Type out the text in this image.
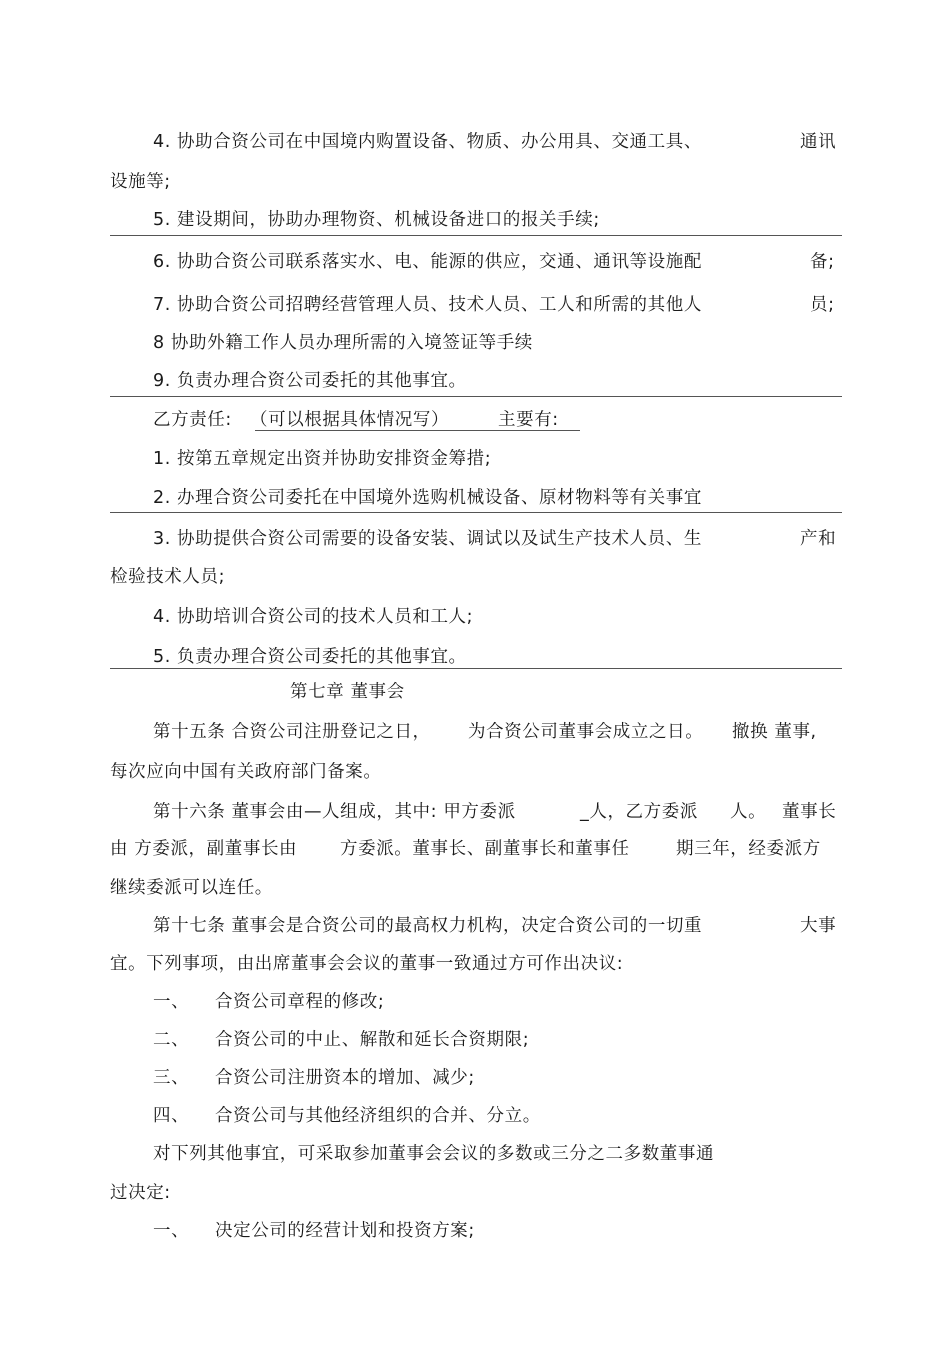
4. 协助合资公司在中国境内购置设备、物质、办公用具、交通工具、	通讯
设施等;
5. 建设期间，协助办理物资、机械设备进口的报关手续;
6. 协助合资公司联系落实水、电、能源的供应，交通、通讯等设施配	备;
7. 协助合资公司招聘经营管理人员、技术人员、工人和所需的其他人	员;
8 协助外籍工作人员办理所需的入境签证等手续
9. 负责办理合资公司委托的其他事宜。
乙方责任: （可以根据具体情况写）	主要有:
1. 按第五章规定出资并协助安排资金筹措;
2. 办理合资公司委托在中国境外选购机械设备、原材物料等有关事宜
3. 协助提供合资公司需要的设备安装、调试以及试生产技术人员、生	产和
检验技术人员;
4. 协助培训合资公司的技术人员和工人;
5. 负责办理合资公司委托的其他事宜。
第七章 董事会
第十五条 合资公司注册登记之日， 为合资公司董事会成立之日。 撤换 董事,
每次应向中国有关政府部门备案。
第十六条 董事会由—人组成，其中: 甲方委派	_人，乙方委派 人。 董事长
由 方委派，副董事长由 方委派。董事长、副董事长和董事任	期三年，经委派方
继续委派可以连任。
第十七条 董事会是合资公司的最高权力机构，决定合资公司的一切重	大事
宜。下列事项，由出席董事会会议的董事一致通过方可作出决议:
一、 合资公司章程的修改;
二、 合资公司的中止、解散和延长合资期限;
三、 合资公司注册资本的增加、减少;
四、 合资公司与其他经济组织的合并、分立。
对下列其他事宜，可采取参加董事会会议的多数或三分之二多数董事通
过决定:
一、 决定公司的经营计划和投资方案;
